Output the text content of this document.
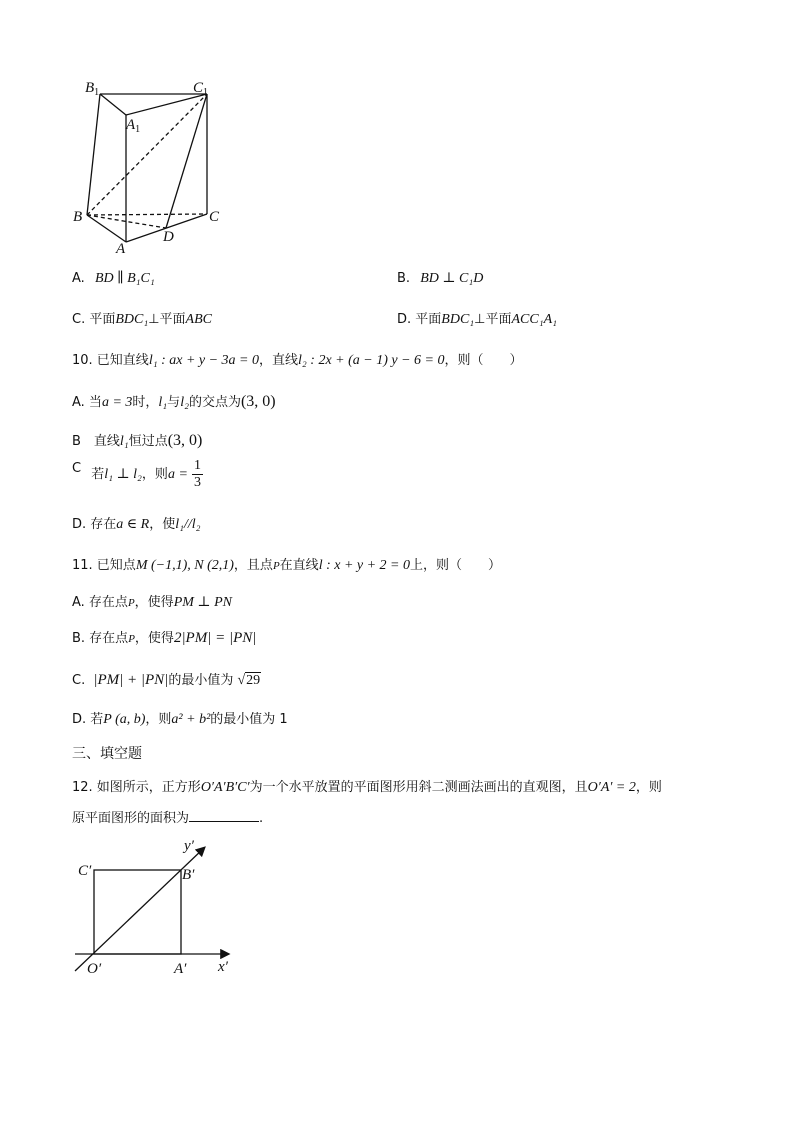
$B_1$	$C_1$
$A_1$
B	C
A
D
A. BD ∥ B₁C₁	B. BD ⊥ C₁D
C. 平面BDC₁⊥平面ABC	D. 平面BDC₁⊥平面ACC₁A₁
10. 已知直线l₁ : ax + y − 3a = 0，直线l₂ : 2x + (a − 1) y − 6 = 0，则（　　）
A. 当a = 3时，l₁与l₂的交点为(3, 0)
B　直线l₁恒过点(3, 0)
C 若l₁ ⊥ l₂，则$a = \frac{1}{3}$
D. 存在a ∈ R，使l₁//l₂
11. 已知点M (−1,1), N (2,1)，且点P在直线l : x + y + 2 = 0上，则（　　）
A. 存在点P，使得PM ⊥ PN
B. 存在点P，使得2|PM| = |PN|
C. |PM| + |PN|的最小值为 √29
D. 若P (a, b)，则a² + b²的最小值为 1
三、填空题
12. 如图所示，正方形O′A′B′C′为一个水平放置的平面图形用斜二测画法画出的直观图，且O′A′ = 2，则
原平面图形的面积为	.
C′	B′
O′	A′ x′
y′
